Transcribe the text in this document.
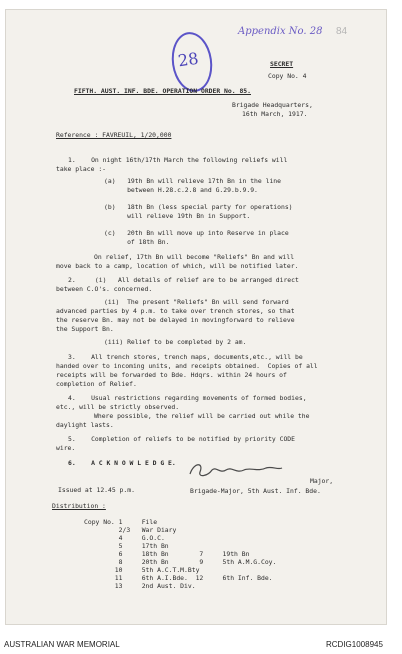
28
Appendix No. 28 84
SECRET
Copy No. 4
FIFTH. AUST. INF. BDE. OPERATION ORDER No. 85.
Brigade Headquarters,
16th March, 1917.
Reference : FAVREUIL, 1/20,000
1.    On night 16th/17th March the following reliefs will
take place :-
(a)   19th Bn will relieve 17th Bn in the line
between H.28.c.2.8 and G.29.b.9.9.
(b)   18th Bn (less special party for operations)
will relieve 19th Bn in Support.
(c)   20th Bn will move up into Reserve in place
of 18th Bn.
On relief, 17th Bn will become "Reliefs" Bn and will
move back to a camp, location of which, will be notified later.
2.     (i)   All details of relief are to be arranged direct
between C.O's. concerned.
(ii)  The present "Reliefs" Bn will send forward
advanced parties by 4 p.m. to take over trench stores, so that
the reserve Bn. may not be delayed in movingforward to relieve
the Support Bn.
(iii) Relief to be completed by 2 am.
3.    All trench stores, trench maps, documents,etc., will be
handed over to incoming units, and receipts obtained.  Copies of all
receipts will be forwarded to Bde. Hdqrs. within 24 hours of
completion of Relief.
4.    Usual restrictions regarding movements of formed bodies,
etc., will be strictly observed.
Where possible, the relief will be carried out while the
daylight lasts.
5.    Completion of reliefs to be notified by priority CODE
wire.
6.    A C K N O W L E D G E.
Major,
Brigade-Major, 5th Aust. Inf. Bde.
Issued at 12.45 p.m.
Distribution :
Copy No. 1     File
2/3   War Diary
4     G.O.C.
5     17th Bn
6     18th Bn        7     19th Bn
8     20th Bn        9     5th A.M.G.Coy.
10     5th A.C.T.M.Bty
11     6th A.I.Bde.  12     6th Inf. Bde.
13     2nd Aust. Div.
AUSTRALIAN WAR MEMORIAL	RCDIG1008945
